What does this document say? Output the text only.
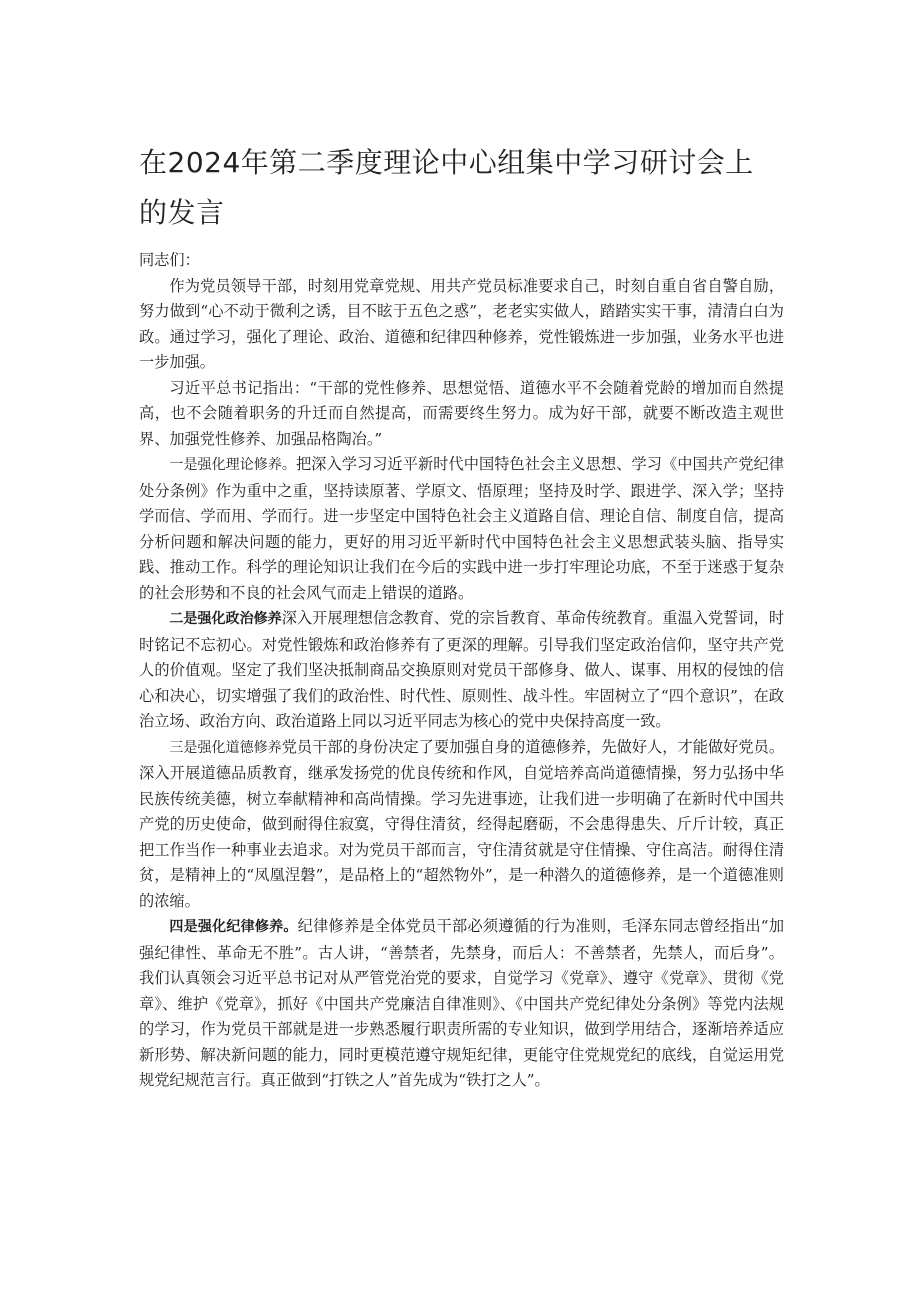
在2024年第二季度理论中心组集中学习研讨会上的发言

同志们：

作为党员领导干部，时刻用党章党规、用共产党员标准要求自己，时刻自重自省自警自励，努力做到“心不动于微利之诱，目不眩于五色之惑”，老老实实做人，踏踏实实干事，清清白白为政。通过学习，强化了理论、政治、道德和纪律四种修养，党性锻炼进一步加强，业务水平也进一步加强。

习近平总书记指出：“干部的党性修养、思想觉悟、道德水平不会随着党龄的增加而自然提高，也不会随着职务的升迁而自然提高，而需要终生努力。成为好干部，就要不断改造主观世界、加强党性修养、加强品格陶冶。”

一是强化理论修养。把深入学习习近平新时代中国特色社会主义思想、学习《中国共产党纪律处分条例》作为重中之重，坚持读原著、学原文、悟原理；坚持及时学、跟进学、深入学；坚持学而信、学而用、学而行。进一步坚定中国特色社会主义道路自信、理论自信、制度自信，提高分析问题和解决问题的能力，更好的用习近平新时代中国特色社会主义思想武装头脑、指导实践、推动工作。科学的理论知识让我们在今后的实践中进一步打牢理论功底，不至于迷惑于复杂的社会形势和不良的社会风气而走上错误的道路。

二是强化政治修养深入开展理想信念教育、党的宗旨教育、革命传统教育。重温入党誓词，时时铭记不忘初心。对党性锻炼和政治修养有了更深的理解。引导我们坚定政治信仰，坚守共产党人的价值观。坚定了我们坚决抵制商品交换原则对党员干部修身、做人、谋事、用权的侵蚀的信心和决心，切实增强了我们的政治性、时代性、原则性、战斗性。牢固树立了“四个意识”，在政治立场、政治方向、政治道路上同以习近平同志为核心的党中央保持高度一致。

三是强化道德修养党员干部的身份决定了要加强自身的道德修养，先做好人，才能做好党员。深入开展道德品质教育，继承发扬党的优良传统和作风，自觉培养高尚道德情操，努力弘扬中华民族传统美德，树立奉献精神和高尚情操。学习先进事迹，让我们进一步明确了在新时代中国共产党的历史使命，做到耐得住寂寞，守得住清贫，经得起磨砺，不会患得患失、斤斤计较，真正把工作当作一种事业去追求。对为党员干部而言，守住清贫就是守住情操、守住高洁。耐得住清贫，是精神上的“凤凰涅磐”，是品格上的“超然物外”，是一种潜久的道德修养，是一个道德准则的浓缩。

四是强化纪律修养。纪律修养是全体党员干部必须遵循的行为准则，毛泽东同志曾经指出“加强纪律性、革命无不胜”。古人讲，“善禁者，先禁身，而后人：不善禁者，先禁人，而后身”。我们认真领会习近平总书记对从严管党治党的要求，自觉学习《党章》、遵守《党章》、贯彻《党章》、维护《党章》，抓好《中国共产党廉洁自律准则》、《中国共产党纪律处分条例》等党内法规的学习，作为党员干部就是进一步熟悉履行职责所需的专业知识，做到学用结合，逐渐培养适应新形势、解决新问题的能力，同时更模范遵守规矩纪律，更能守住党规党纪的底线，自觉运用党规党纪规范言行。真正做到“打铁之人”首先成为“铁打之人”。
